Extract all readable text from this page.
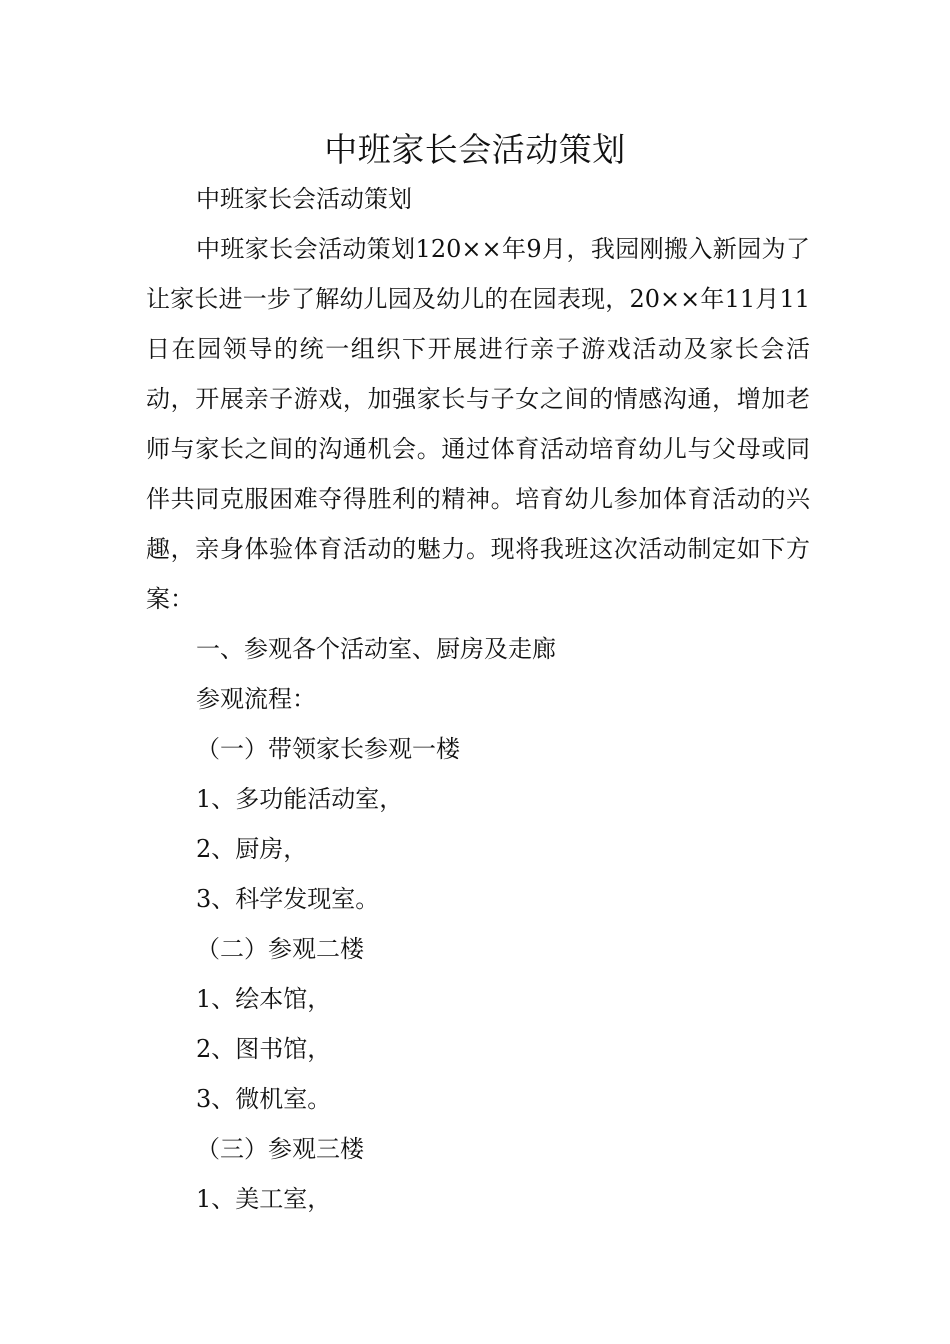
中班家长会活动策划
中班家长会活动策划

中班家长会活动策划120××年9月，我园刚搬入新园为了让家长进一步了解幼儿园及幼儿的在园表现，20××年11月11日在园领导的统一组织下开展进行亲子游戏活动及家长会活动，开展亲子游戏，加强家长与子女之间的情感沟通，增加老师与家长之间的沟通机会。通过体育活动培育幼儿与父母或同伴共同克服困难夺得胜利的精神。培育幼儿参加体育活动的兴趣，亲身体验体育活动的魅力。现将我班这次活动制定如下方案：

一、参观各个活动室、厨房及走廊
参观流程：
（一）带领家长参观一楼
1、多功能活动室，
2、厨房，
3、科学发现室。
（二）参观二楼
1、绘本馆，
2、图书馆，
3、微机室。
（三）参观三楼
1、美工室，
